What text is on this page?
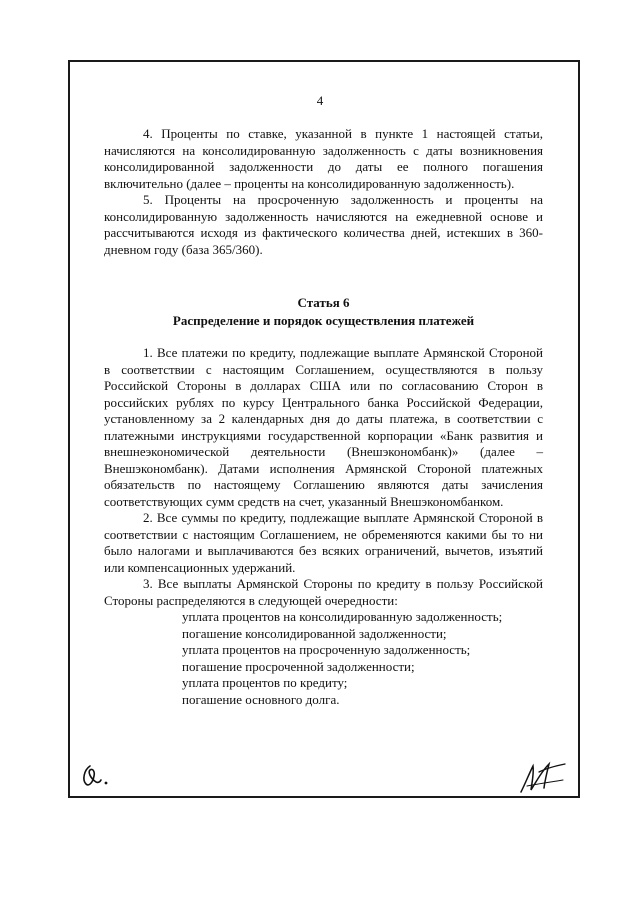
4

4. Проценты по ставке, указанной в пункте 1 настоящей статьи, начисляются на консолидированную задолженность с даты возникновения консолидированной задолженности до даты ее полного погашения включительно (далее – проценты на консолидированную задолженность).

5. Проценты на просроченную задолженность и проценты на консолидированную задолженность начисляются на ежедневной основе и рассчитываются исходя из фактического количества дней, истекших в 360-дневном году (база 365/360).

Статья 6
Распределение и порядок осуществления платежей

1. Все платежи по кредиту, подлежащие выплате Армянской Стороной в соответствии с настоящим Соглашением, осуществляются в пользу Российской Стороны в долларах США или по согласованию Сторон в российских рублях по курсу Центрального банка Российской Федерации, установленному за 2 календарных дня до даты платежа, в соответствии с платежными инструкциями государственной корпорации «Банк развития и внешнеэкономической деятельности (Внешэкономбанк)» (далее – Внешэкономбанк). Датами исполнения Армянской Стороной платежных обязательств по настоящему Соглашению являются даты зачисления соответствующих сумм средств на счет, указанный Внешэкономбанком.

2. Все суммы по кредиту, подлежащие выплате Армянской Стороной в соответствии с настоящим Соглашением, не обременяются какими бы то ни было налогами и выплачиваются без всяких ограничений, вычетов, изъятий или компенсационных удержаний.

3. Все выплаты Армянской Стороны по кредиту в пользу Российской Стороны распределяются в следующей очередности:

уплата процентов на консолидированную задолженность;

погашение консолидированной задолженности;

уплата процентов на просроченную задолженность;

погашение просроченной задолженности;

уплата процентов по кредиту;

погашение основного долга.
